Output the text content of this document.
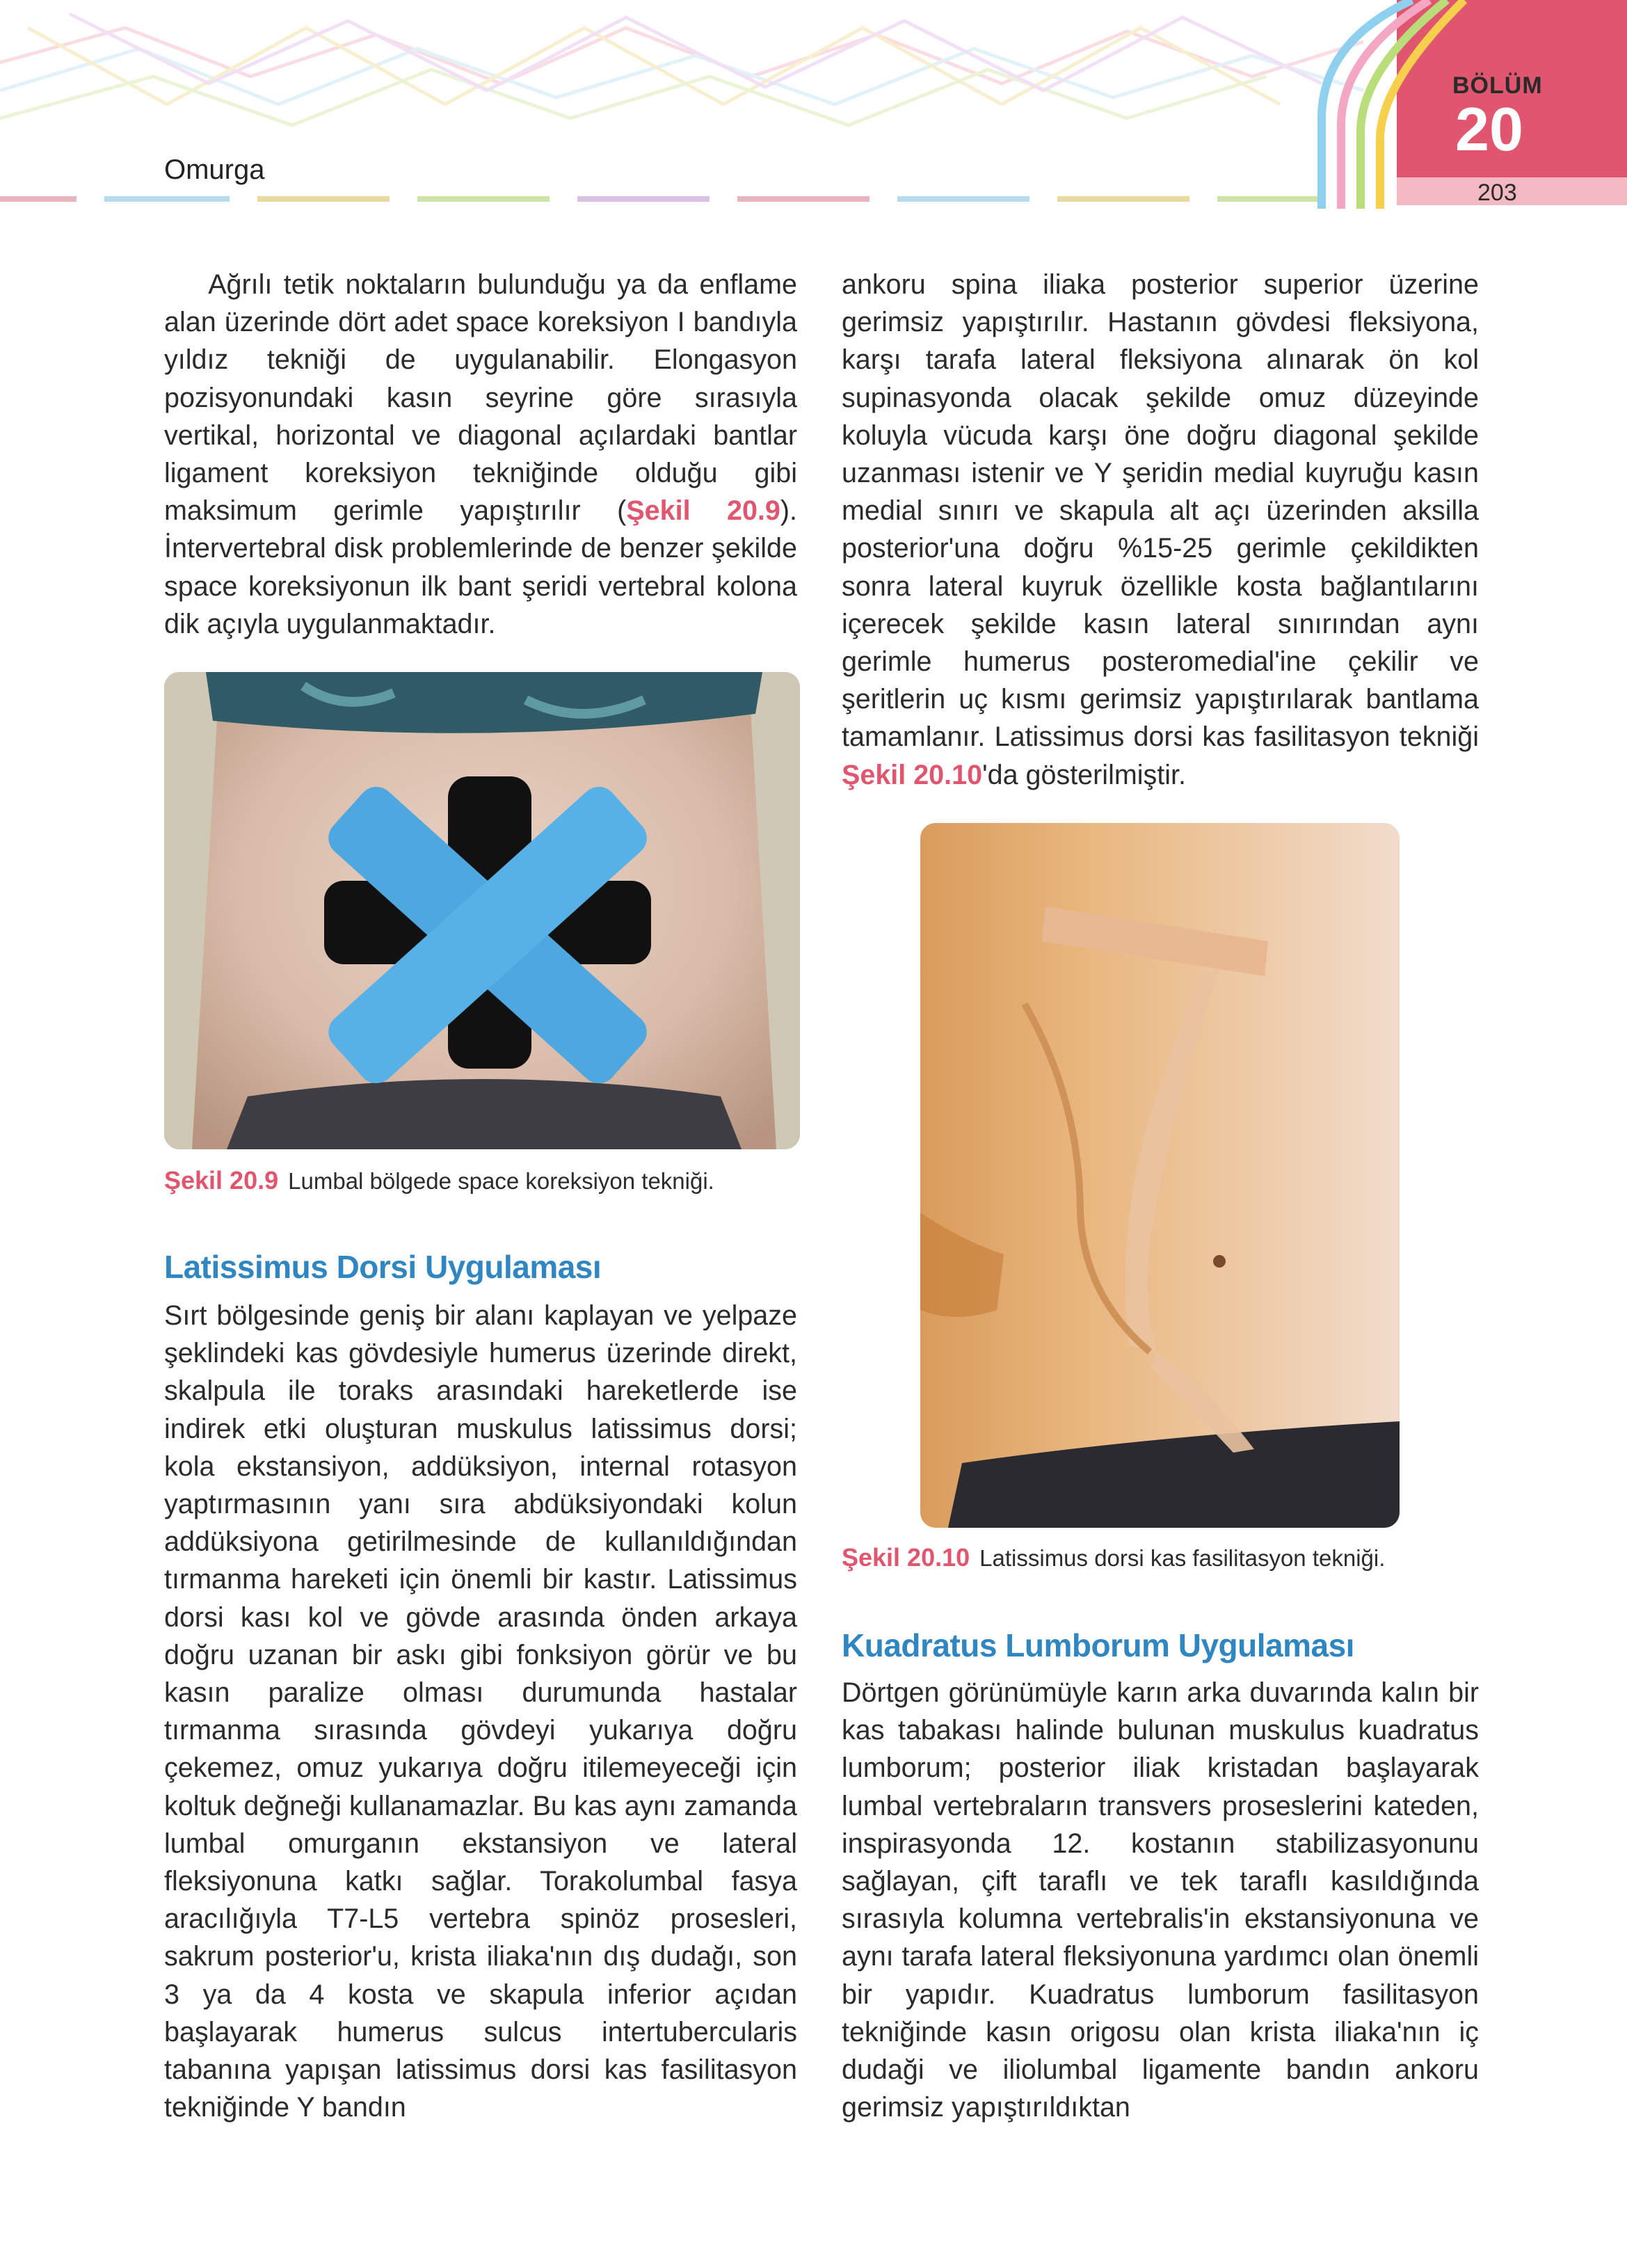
Omurga
BÖLÜM
20
203
Ağrılı tetik noktaların bulunduğu ya da enflame alan üzerinde dört adet space koreksiyon I bandıyla yıldız tekniği de uygulanabilir. Elongasyon pozisyonundaki kasın seyrine göre sırasıyla vertikal, horizontal ve diagonal açılardaki bantlar ligament koreksiyon tekniğinde olduğu gibi maksimum gerimle yapıştırılır (Şekil 20.9). İntervertebral disk problemlerinde de benzer şekilde space koreksiyonun ilk bant şeridi vertebral kolona dik açıyla uygulanmaktadır.
Şekil 20.9 Lumbal bölgede space koreksiyon tekniği.
Latissimus Dorsi Uygulaması
Sırt bölgesinde geniş bir alanı kaplayan ve yelpaze şeklindeki kas gövdesiyle humerus üzerinde direkt, skalpula ile toraks arasındaki hareketlerde ise indirek etki oluşturan muskulus latissimus dorsi; kola ekstansiyon, addüksiyon, internal rotasyon yaptırmasının yanı sıra abdüksiyondaki kolun addüksiyona getirilmesinde de kullanıldığından tırmanma hareketi için önemli bir kastır. Latissimus dorsi kası kol ve gövde arasında önden arkaya doğru uzanan bir askı gibi fonksiyon görür ve bu kasın paralize olması durumunda hastalar tırmanma sırasında gövdeyi yukarıya doğru çekemez, omuz yukarıya doğru itilemeyeceği için koltuk değneği kullanamazlar. Bu kas aynı zamanda lumbal omurganın ekstansiyon ve lateral fleksiyonuna katkı sağlar. Torakolumbal fasya aracılığıyla T7-L5 vertebra spinöz prosesleri, sakrum posterior'u, krista iliaka'nın dış dudağı, son 3 ya da 4 kosta ve skapula inferior açıdan başlayarak humerus sulcus intertubercularis tabanına yapışan latissimus dorsi kas fasilitasyon tekniğinde Y bandın
ankoru spina iliaka posterior superior üzerine gerimsiz yapıştırılır. Hastanın gövdesi fleksiyona, karşı tarafa lateral fleksiyona alınarak ön kol supinasyonda olacak şekilde omuz düzeyinde koluyla vücuda karşı öne doğru diagonal şekilde uzanması istenir ve Y şeridin medial kuyruğu kasın medial sınırı ve skapula alt açı üzerinden aksilla posterior'una doğru %15-25 gerimle çekildikten sonra lateral kuyruk özellikle kosta bağlantılarını içerecek şekilde kasın lateral sınırından aynı gerimle humerus posteromedial'ine çekilir ve şeritlerin uç kısmı gerimsiz yapıştırılarak bantlama tamamlanır. Latissimus dorsi kas fasilitasyon tekniği Şekil 20.10'da gösterilmiştir.
Şekil 20.10 Latissimus dorsi kas fasilitasyon tekniği.
Kuadratus Lumborum Uygulaması
Dörtgen görünümüyle karın arka duvarında kalın bir kas tabakası halinde bulunan muskulus kuadratus lumborum; posterior iliak kristadan başlayarak lumbal vertebraların transvers proseslerini kateden, inspirasyonda 12. kostanın stabilizasyonunu sağlayan, çift taraflı ve tek taraflı kasıldığında sırasıyla kolumna vertebralis'in ekstansiyonuna ve aynı tarafa lateral fleksiyonuna yardımcı olan önemli bir yapıdır. Kuadratus lumborum fasilitasyon tekniğinde kasın origosu olan krista iliaka'nın iç dudaği ve iliolumbal ligamente bandın ankoru gerimsiz yapıştırıldıktan
